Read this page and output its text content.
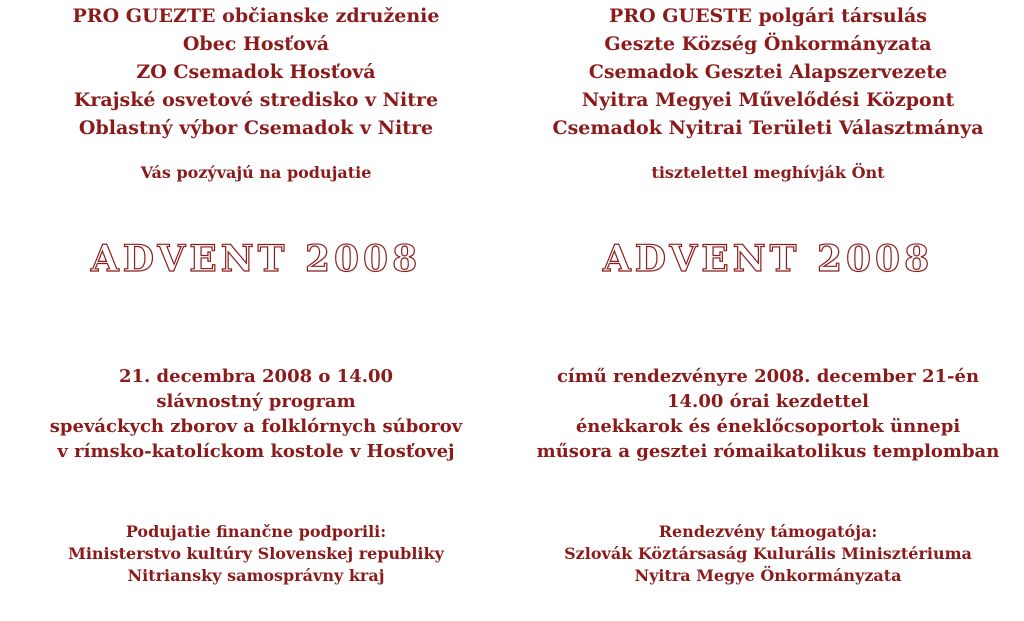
PRO GUEZTE občianske združenie
Obec Hosťová
ZO Csemadok Hosťová
Krajské osvetové stredisko v Nitre
Oblastný výbor Csemadok v Nitre
Vás pozývajú na podujatie
ADVENT 2008
21. decembra 2008 o 14.00
slávnostný program
speváckych zborov a folklórnych súborov
v rímsko-katolíckom kostole v Hosťovej
Podujatie finančne podporili:
Ministerstvo kultúry Slovenskej republiky
Nitriansky samosprávny kraj
PRO GUESTE polgári társulás
Geszte Község Önkormányzata
Csemadok Gesztei Alapszervezete
Nyitra Megyei Művelődési Központ
Csemadok Nyitrai Területi Választmánya
tisztelettel meghívják Önt
ADVENT 2008
című rendezvényre 2008. december 21-én
14.00 órai kezdettel
énekkarok és éneklőcsoportok ünnepi
műsora a gesztei rómaikatolikus templomban
Rendezvény támogatója:
Szlovák Köztársaság Kulurális Minisztériuma
Nyitra Megye Önkormányzata
